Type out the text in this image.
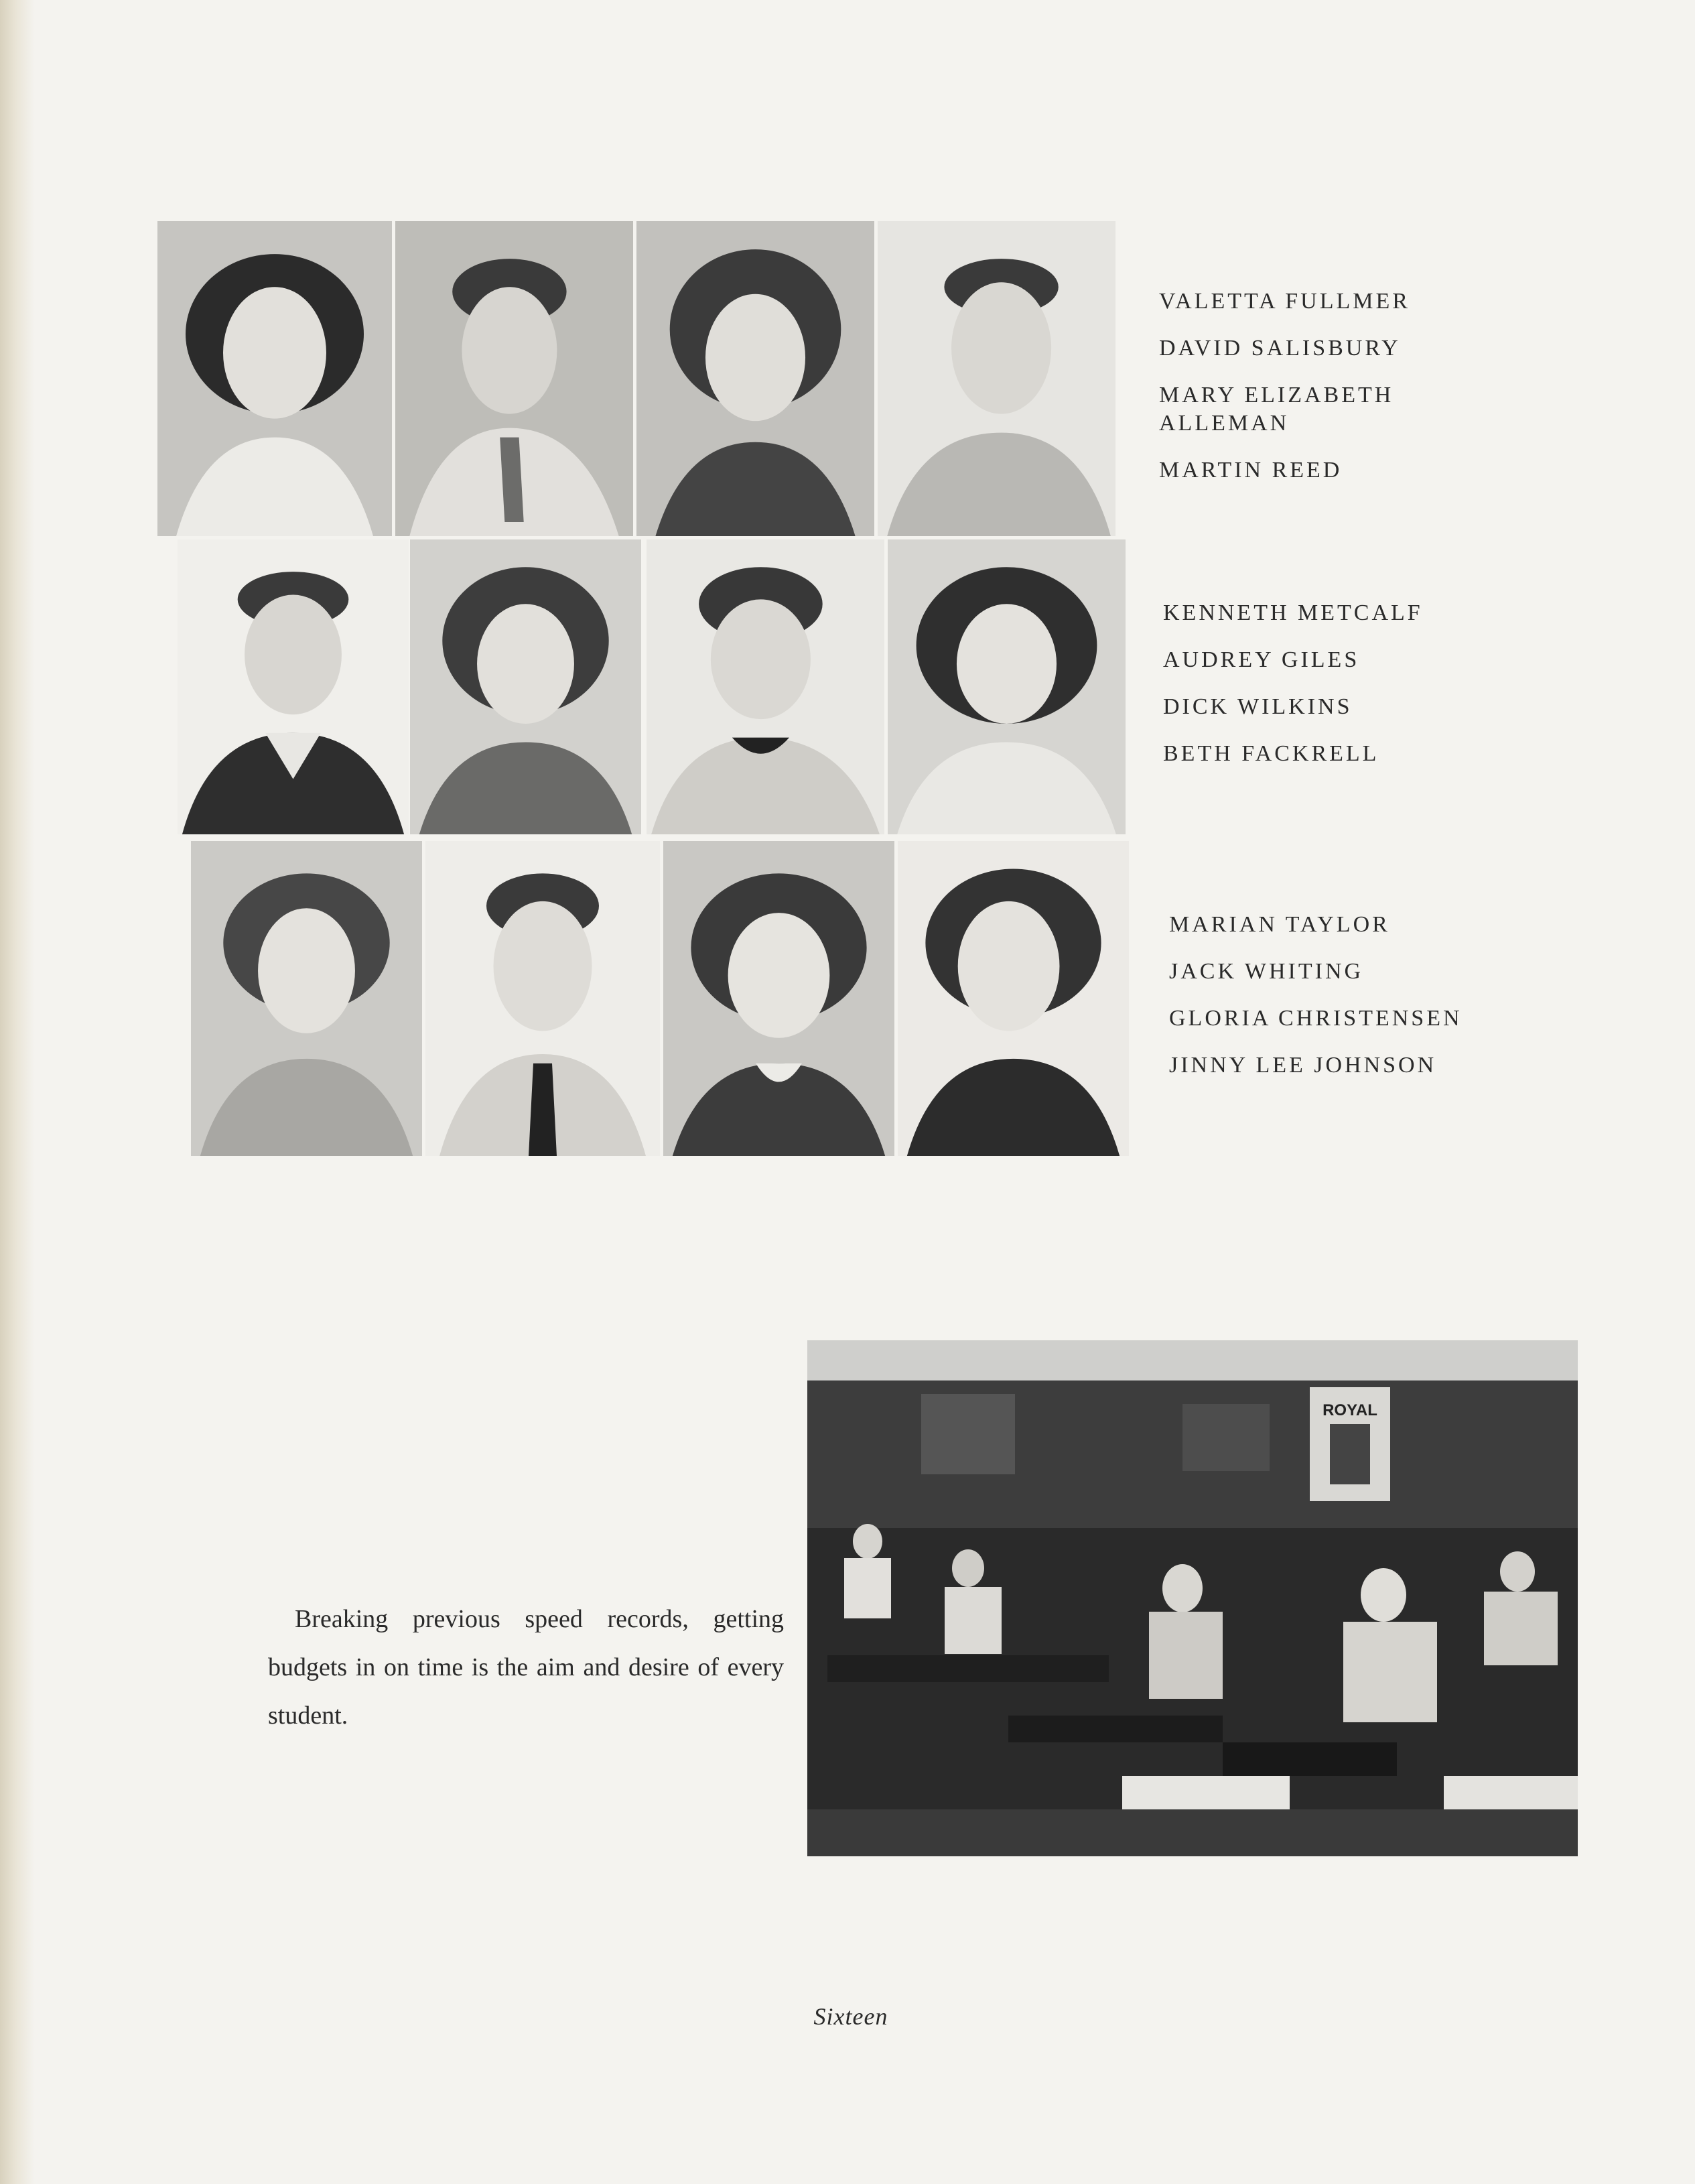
VALETTA FULLMER
DAVID SALISBURY
MARY ELIZABETH
ALLEMAN
MARTIN REED
KENNETH METCALF
AUDREY GILES
DICK WILKINS
BETH FACKRELL
MARIAN TAYLOR
JACK WHITING
GLORIA CHRISTENSEN
JINNY LEE JOHNSON

Breaking previous speed records, getting budgets in on time is the aim and desire of every student.

ROYAL
Sixteen
